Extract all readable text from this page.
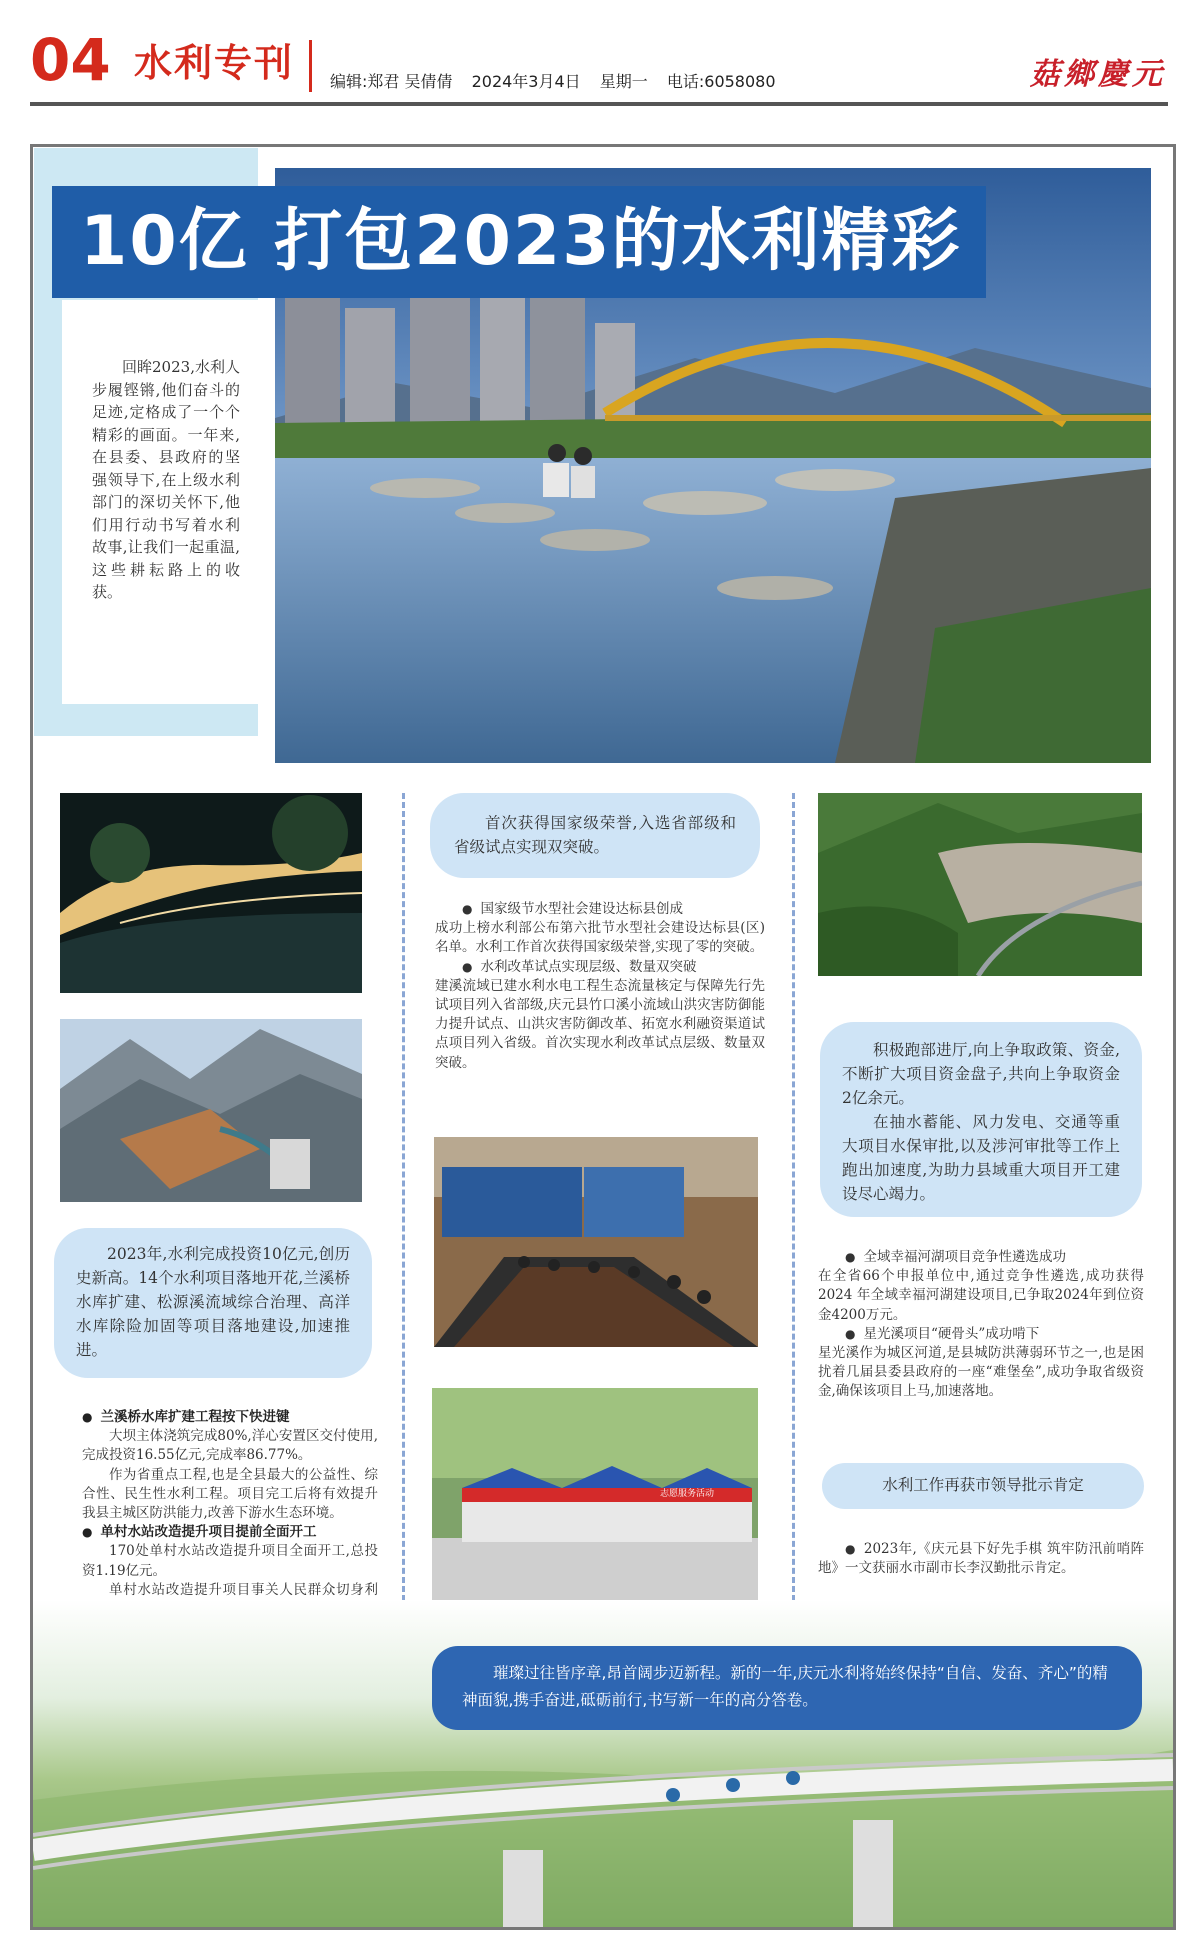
04 水利专刊 编辑:郑君 吴倩倩 2024年3月4日 星期一 电话:6058080	菇鄉慶元
10亿 打包2023的水利精彩

回眸2023,水利人步履铿锵,他们奋斗的足迹,定格成了一个个精彩的画面。一年来,在县委、县政府的坚强领导下,在上级水利部门的深切关怀下,他们用行动书写着水利故事,让我们一起重温,这些耕耘路上的收获。

2023年,水利完成投资10亿元,创历史新高。14个水利项目落地开花,兰溪桥水库扩建、松源溪流域综合治理、高洋水库除险加固等项目落地建设,加速推进。

● 兰溪桥水库扩建工程按下快进键

大坝主体浇筑完成80%,洋心安置区交付使用,完成投资16.55亿元,完成率86.77%。

作为省重点工程,也是全县最大的公益性、综合性、民生性水利工程。项目完工后将有效提升我县主城区防洪能力,改善下游水生态环境。

● 单村水站改造提升项目提前全面开工

170处单村水站改造提升项目全面开工,总投资1.19亿元。

单村水站改造提升项目事关人民群众切身利

首次获得国家级荣誉,入选省部级和省级试点实现双突破。

● 国家级节水型社会建设达标县创成

成功上榜水利部公布第六批节水型社会建设达标县(区)名单。水利工作首次获得国家级荣誉,实现了零的突破。

● 水利改革试点实现层级、数量双突破

建溪流域已建水利水电工程生态流量核定与保障先行先试项目列入省部级,庆元县竹口溪小流域山洪灾害防御能力提升试点、山洪灾害防御改革、拓宽水利融资渠道试点项目列入省级。首次实现水利改革试点层级、数量双突破。

志愿服务活动

积极跑部进厅,向上争取政策、资金,不断扩大项目资金盘子,共向上争取资金2亿余元。

在抽水蓄能、风力发电、交通等重大项目水保审批,以及涉河审批等工作上跑出加速度,为助力县域重大项目开工建设尽心竭力。

● 全域幸福河湖项目竞争性遴选成功

在全省66个申报单位中,通过竞争性遴选,成功获得2024 年全域幸福河湖建设项目,已争取2024年到位资金4200万元。

● 星光溪项目“硬骨头”成功啃下

星光溪作为城区河道,是县城防洪薄弱环节之一,也是困扰着几届县委县政府的一座“难堡垒”,成功争取省级资金,确保该项目上马,加速落地。

水利工作再获市领导批示肯定

● 2023年,《庆元县下好先手棋 筑牢防汛前哨阵地》一文获丽水市副市长李汉勤批示肯定。

璀璨过往皆序章,昂首阔步迈新程。新的一年,庆元水利将始终保持“自信、发奋、齐心”的精神面貌,携手奋进,砥砺前行,书写新一年的高分答卷。
